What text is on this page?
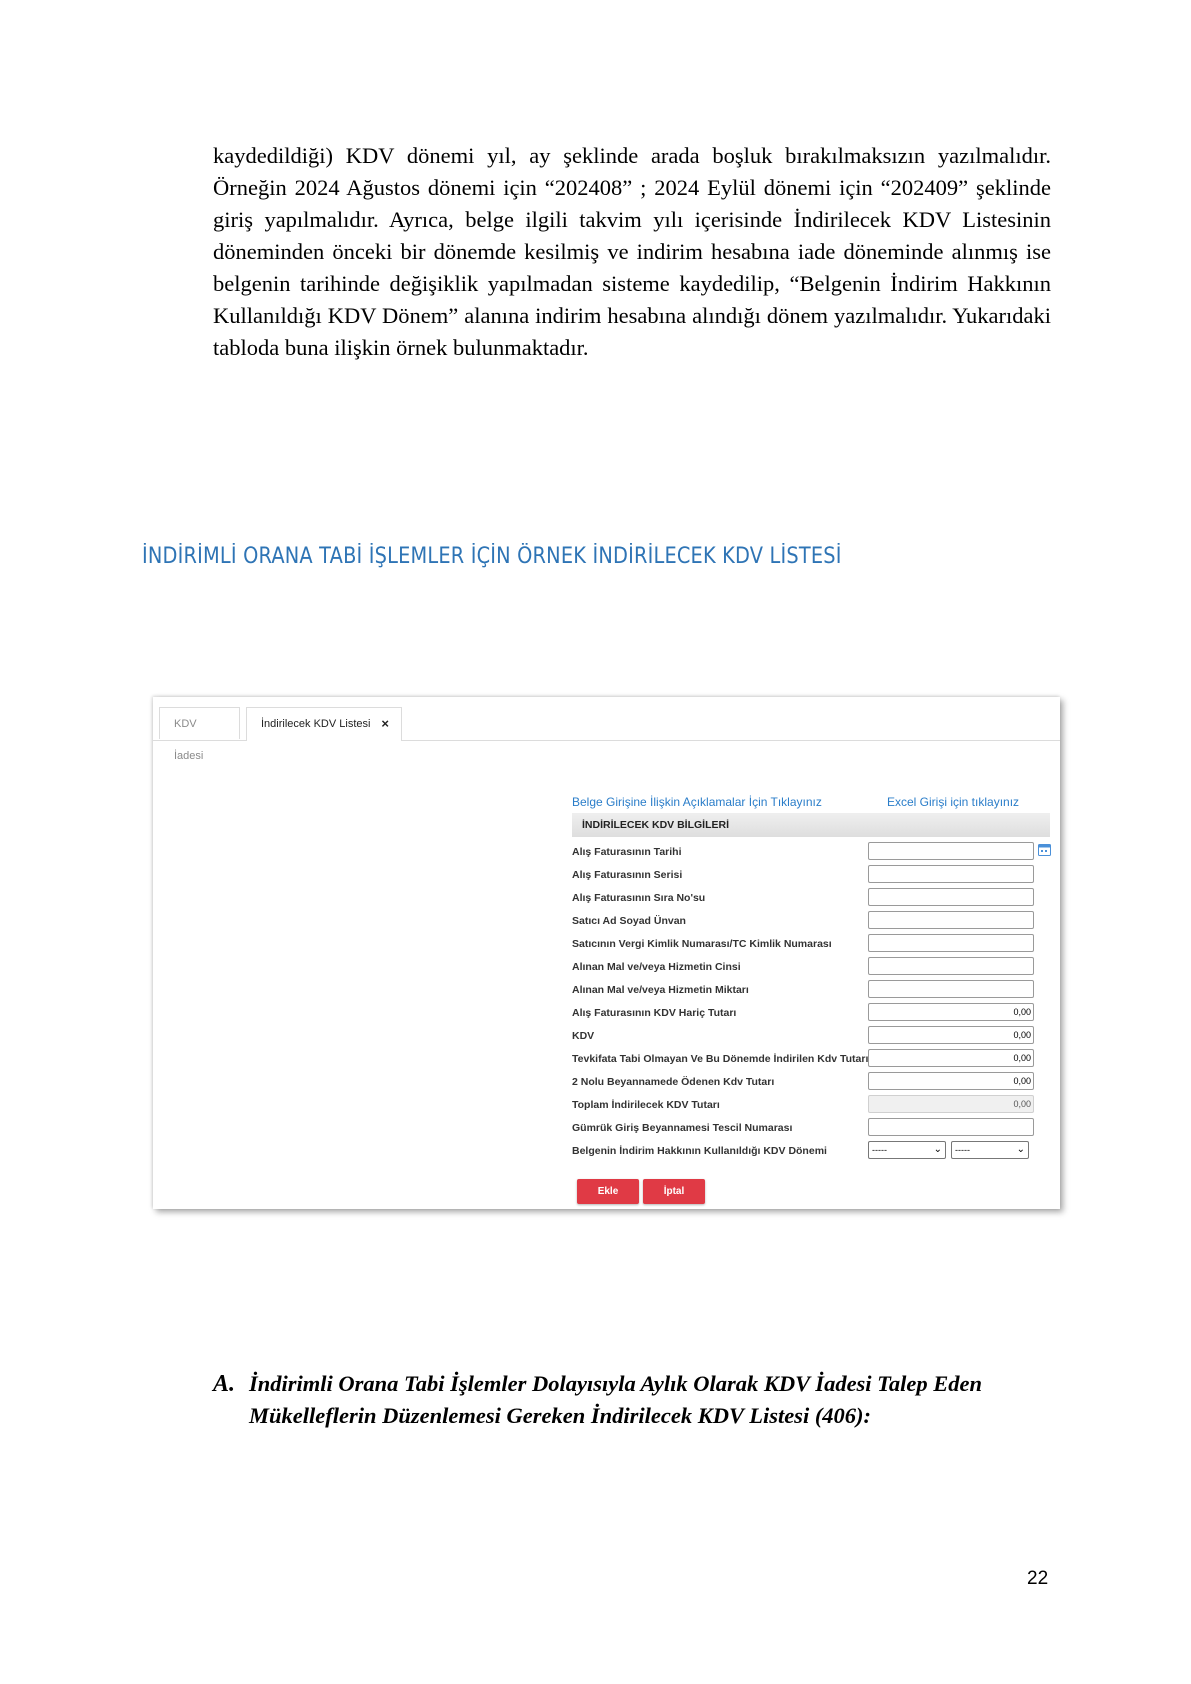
kaydedildiği) KDV dönemi yıl, ay şeklinde arada boşluk bırakılmaksızın yazılmalıdır. Örneğin 2024 Ağustos dönemi için “202408” ; 2024 Eylül dönemi için “202409” şeklinde giriş yapılmalıdır. Ayrıca, belge ilgili takvim yılı içerisinde İndirilecek KDV Listesinin döneminden önceki bir dönemde kesilmiş ve indirim hesabına iade döneminde alınmış ise belgenin tarihinde değişiklik yapılmadan sisteme kaydedilip, “Belgenin İndirim Hakkının Kullanıldığı KDV Dönem” alanına indirim hesabına alındığı dönem yazılmalıdır. Yukarıdaki tabloda buna ilişkin örnek bulunmaktadır.

İNDİRİMLİ ORANA TABİ İŞLEMLER İÇİN ÖRNEK İNDİRİLECEK KDV LİSTESİ
KDV İadesi
İndirilecek KDV Listesi ×
Belge Girişine İlişkin Açıklamalar İçin Tıklayınız	Excel Girişi için tıklayınız
İNDİRİLECEK KDV BİLGİLERİ
Alış Faturasının Tarihi
Alış Faturasının Serisi
Alış Faturasının Sıra No'su
Satıcı Ad Soyad Ünvan
Satıcının Vergi Kimlik Numarası/TC Kimlik Numarası
Alınan Mal ve/veya Hizmetin Cinsi
Alınan Mal ve/veya Hizmetin Miktarı
Alış Faturasının KDV Hariç Tutarı	0,00
KDV	0,00
Tevkifata Tabi Olmayan Ve Bu Dönemde İndirilen Kdv Tutarı	0,00
2 Nolu Beyannamede Ödenen Kdv Tutarı	0,00
Toplam İndirilecek KDV Tutarı	0,00
Gümrük Giriş Beyannamesi Tescil Numarası
Belgenin İndirim Hakkının Kullanıldığı KDV Dönemi	-----	⌄	-----	⌄
Ekle	İptal
A. İndirimli Orana Tabi İşlemler Dolayısıyla Aylık Olarak KDV İadesi Talep Eden Mükelleflerin Düzenlemesi Gereken İndirilecek KDV Listesi (406):
22
